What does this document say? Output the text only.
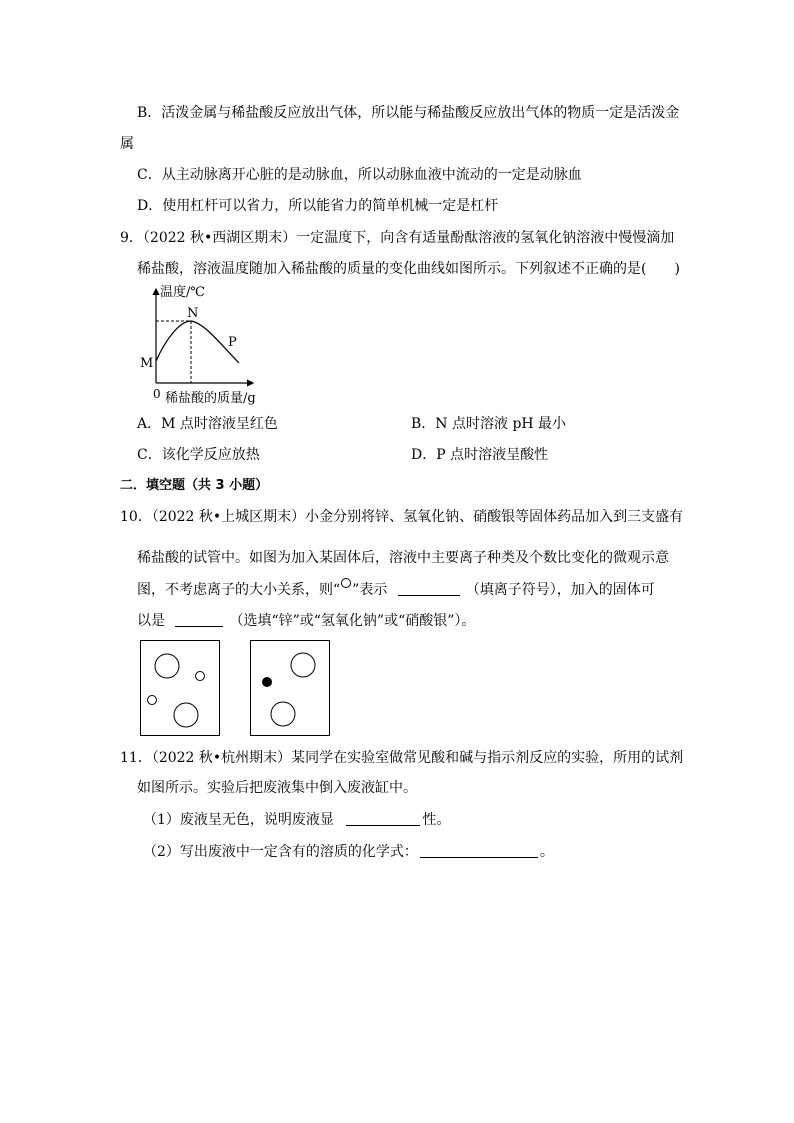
B．活泼金属与稀盐酸反应放出气体，所以能与稀盐酸反应放出气体的物质一定是活泼金
属
C．从主动脉离开心脏的是动脉血，所以动脉血液中流动的一定是动脉血
D．使用杠杆可以省力，所以能省力的简单机械一定是杠杆
9．（2022 秋•西湖区期末）一定温度下，向含有适量酚酞溶液的氢氧化钠溶液中慢慢滴加
稀盐酸，溶液温度随加入稀盐酸的质量的变化曲线如图所示。下列叙述不正确的是(　　)
温度/℃
稀盐酸的质量/g
0
M
N
P
A．M 点时溶液呈红色	B．N 点时溶液 pH 最小
C．该化学反应放热	D．P 点时溶液呈酸性
二．填空题（共 3 小题）
10．（2022 秋•上城区期末）小金分别将锌、氢氧化钠、硝酸银等固体药品加入到三支盛有
稀盐酸的试管中。如图为加入某固体后，溶液中主要离子种类及个数比变化的微观示意
图，不考虑离子的大小关系，则“ ”表示	（填离子符号），加入的固体可
以是	（选填“锌”或“氢氧化钠”或“硝酸银”）。
11．（2022 秋•杭州期末）某同学在实验室做常见酸和碱与指示剂反应的实验，所用的试剂
如图所示。实验后把废液集中倒入废液缸中。
（1）废液呈无色，说明废液显	性。
（2）写出废液中一定含有的溶质的化学式：	。
